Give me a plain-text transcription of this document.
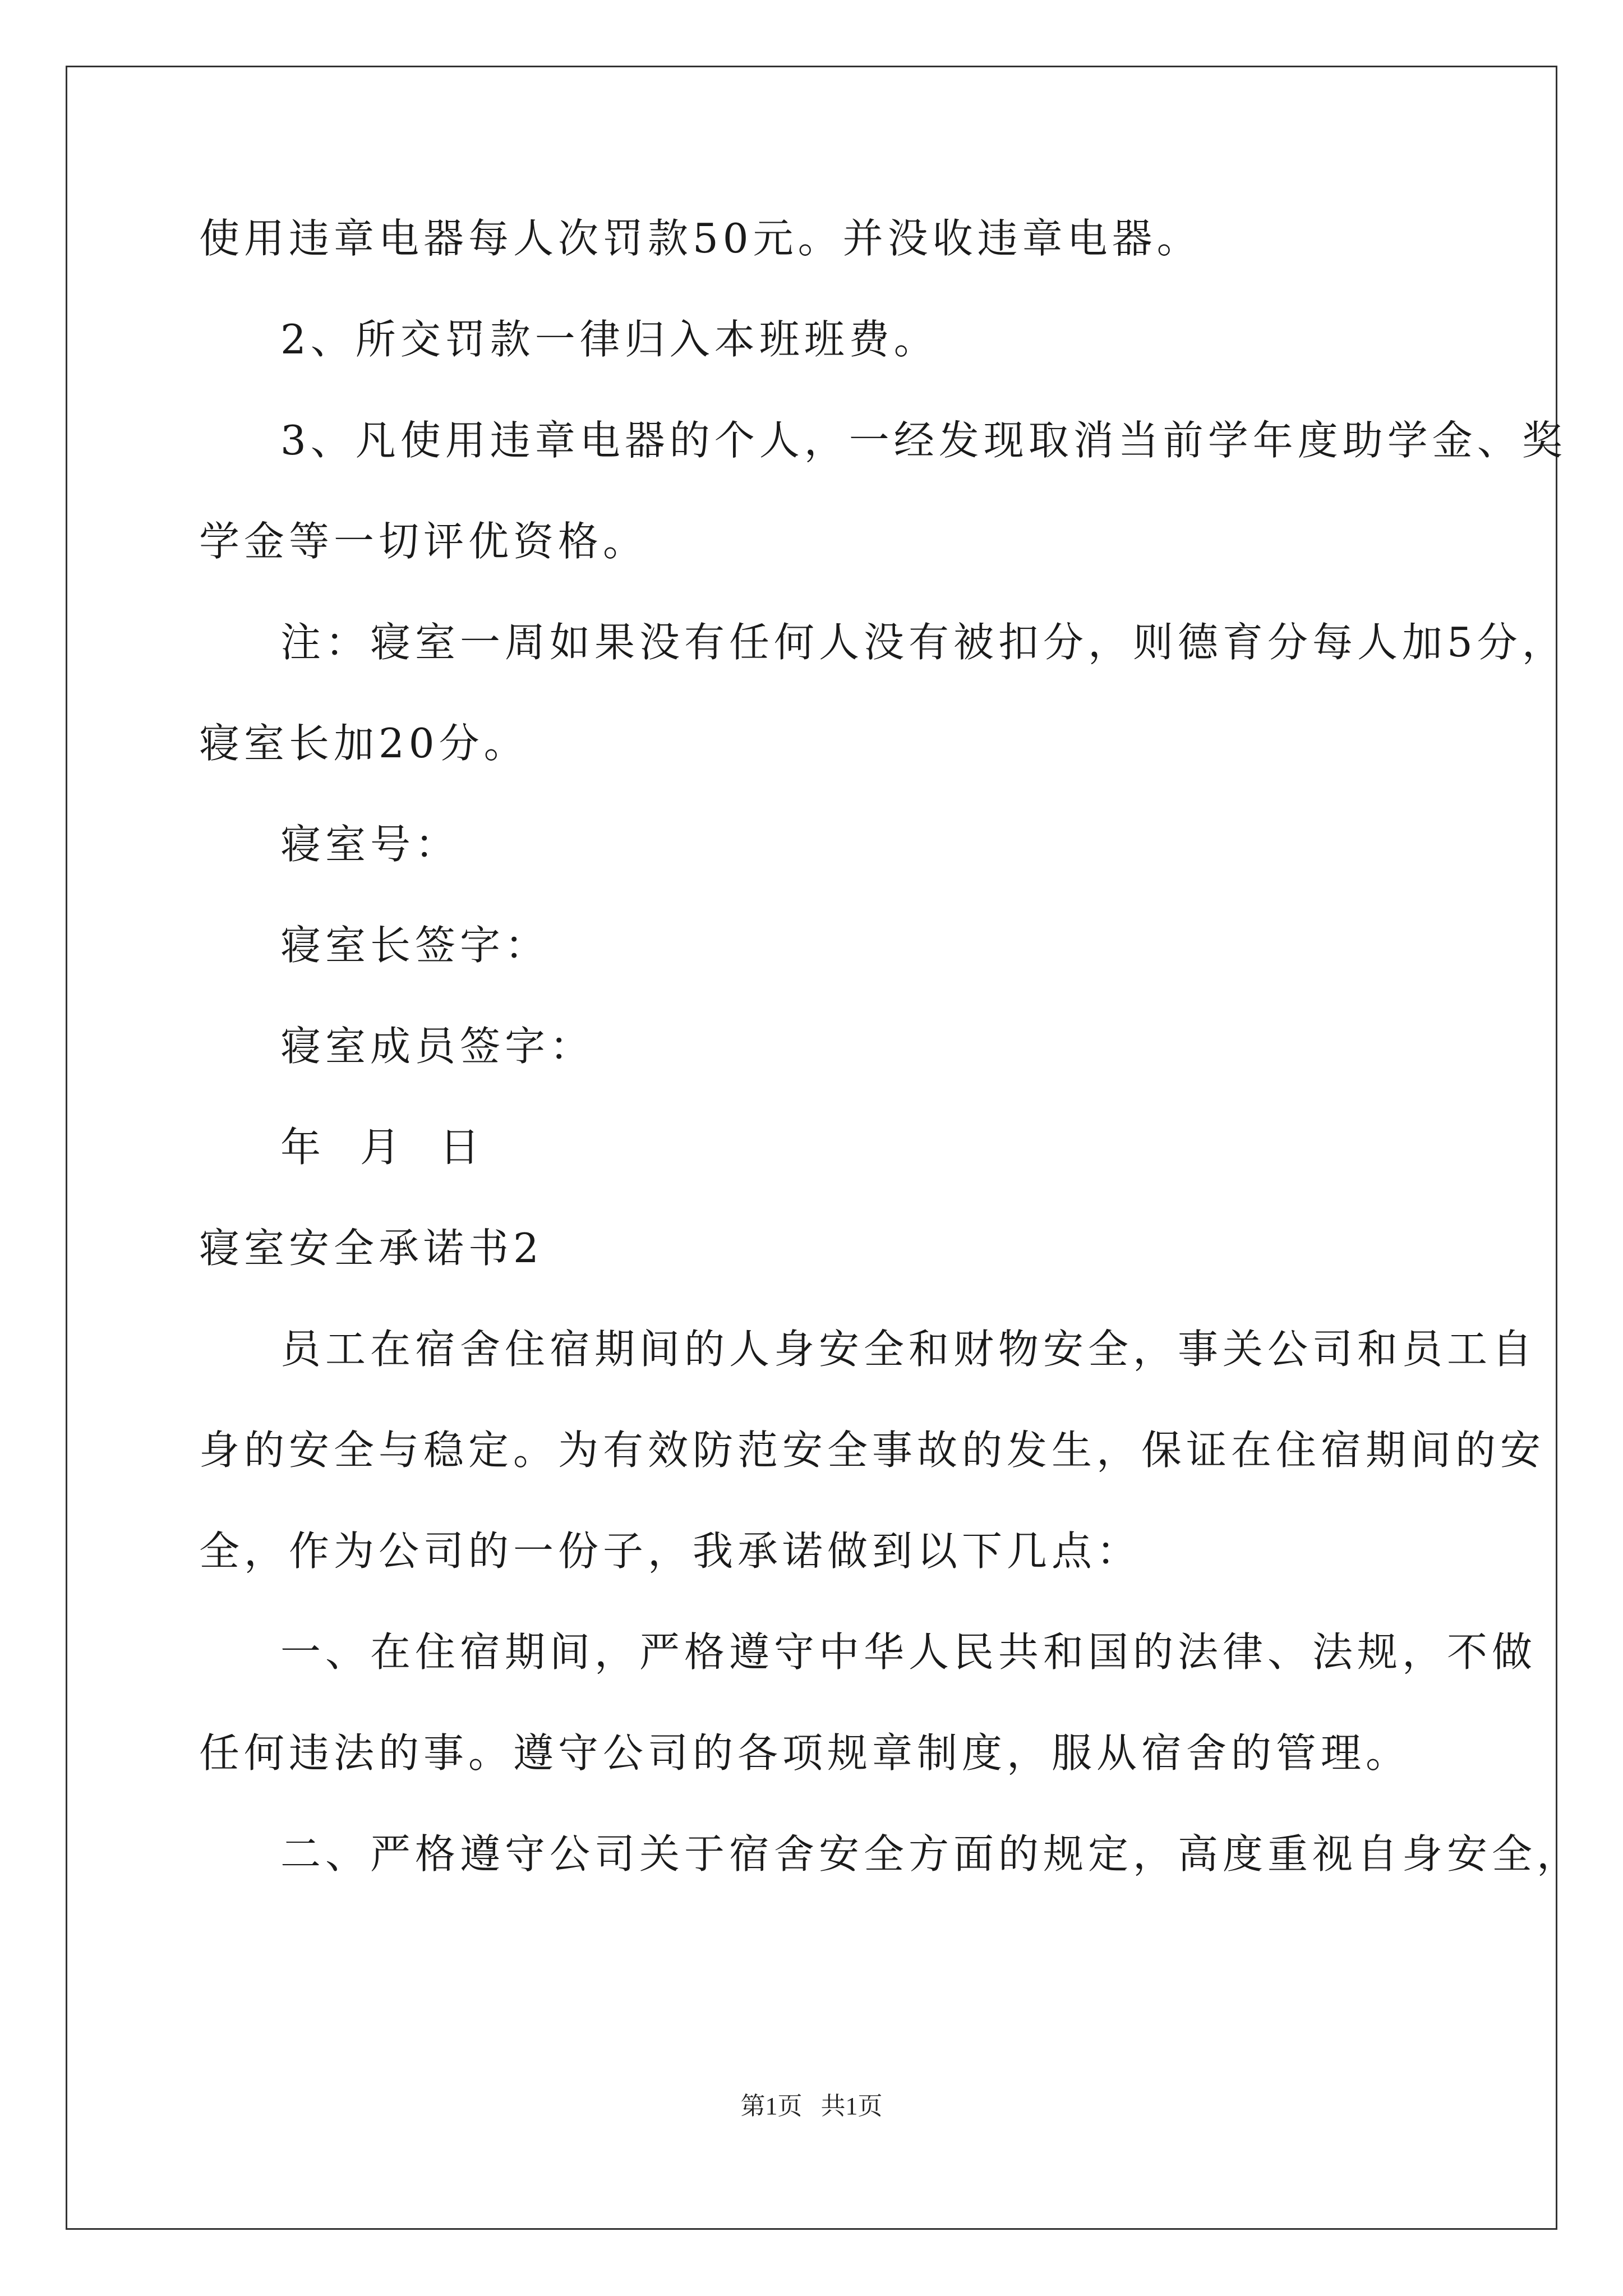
使用违章电器每人次罚款50元。并没收违章电器。
2、所交罚款一律归入本班班费。
3、凡使用违章电器的个人，一经发现取消当前学年度助学金、奖
学金等一切评优资格。
注：寝室一周如果没有任何人没有被扣分，则德育分每人加5分，
寝室长加20分。
寝室号：
寝室长签字：
寝室成员签字：
年  月  日
寝室安全承诺书2
员工在宿舍住宿期间的人身安全和财物安全，事关公司和员工自
身的安全与稳定。为有效防范安全事故的发生，保证在住宿期间的安
全，作为公司的一份子，我承诺做到以下几点：
一、在住宿期间，严格遵守中华人民共和国的法律、法规，不做
任何违法的事。遵守公司的各项规章制度，服从宿舍的管理。
二、严格遵守公司关于宿舍安全方面的规定，高度重视自身安全，
第1页   共1页
